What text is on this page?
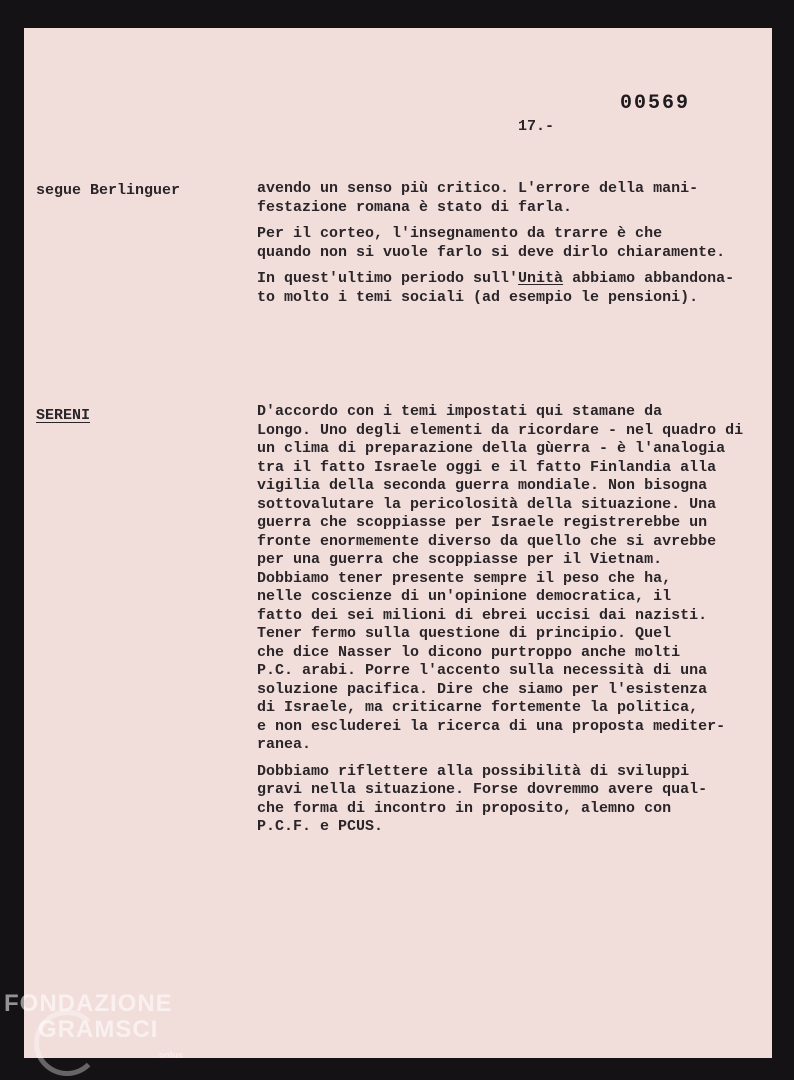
00569
17.-
segue Berlinguer	avendo un senso più critico. L'errore della mani-
festazione romana è stato di farla.

Per il corteo, l'insegnamento da trarre è che
quando non si vuole farlo si deve dirlo chiaramente.

In quest'ultimo periodo sull'Unità abbiamo abbandona-
to molto i temi sociali (ad esempio le pensioni).

SERENI	D'accordo con i temi impostati qui stamane da
Longo. Uno degli elementi da ricordare - nel quadro di
un clima di preparazione della gùerra - è l'analogia
tra il fatto Israele oggi e il fatto Finlandia alla
vigilia della seconda guerra mondiale. Non bisogna
sottovalutare la pericolosità della situazione. Una
guerra che scoppiasse per Israele registrerebbe un
fronte enormemente diverso da quello che si avrebbe
per una guerra che scoppiasse per il Vietnam.
Dobbiamo tener presente sempre il peso che ha,
nelle coscienze di un'opinione democratica, il
fatto dei sei milioni di ebrei uccisi dai nazisti.
Tener fermo sulla questione di principio. Quel
che dice Nasser lo dicono purtroppo anche molti
P.C. arabi. Porre l'accento sulla necessità di una
soluzione pacifica. Dire che siamo per l'esistenza
di Israele, ma criticarne fortemente la politica,
e non escluderei la ricerca di una proposta mediter-
ranea.

Dobbiamo riflettere alla possibilità di sviluppi
gravi nella situazione. Forse dovremmo avere qual-
che forma di incontro in proposito, alemno con
P.C.F. e PCUS.

FONDAZIONE
GRAMSCI
onlus
